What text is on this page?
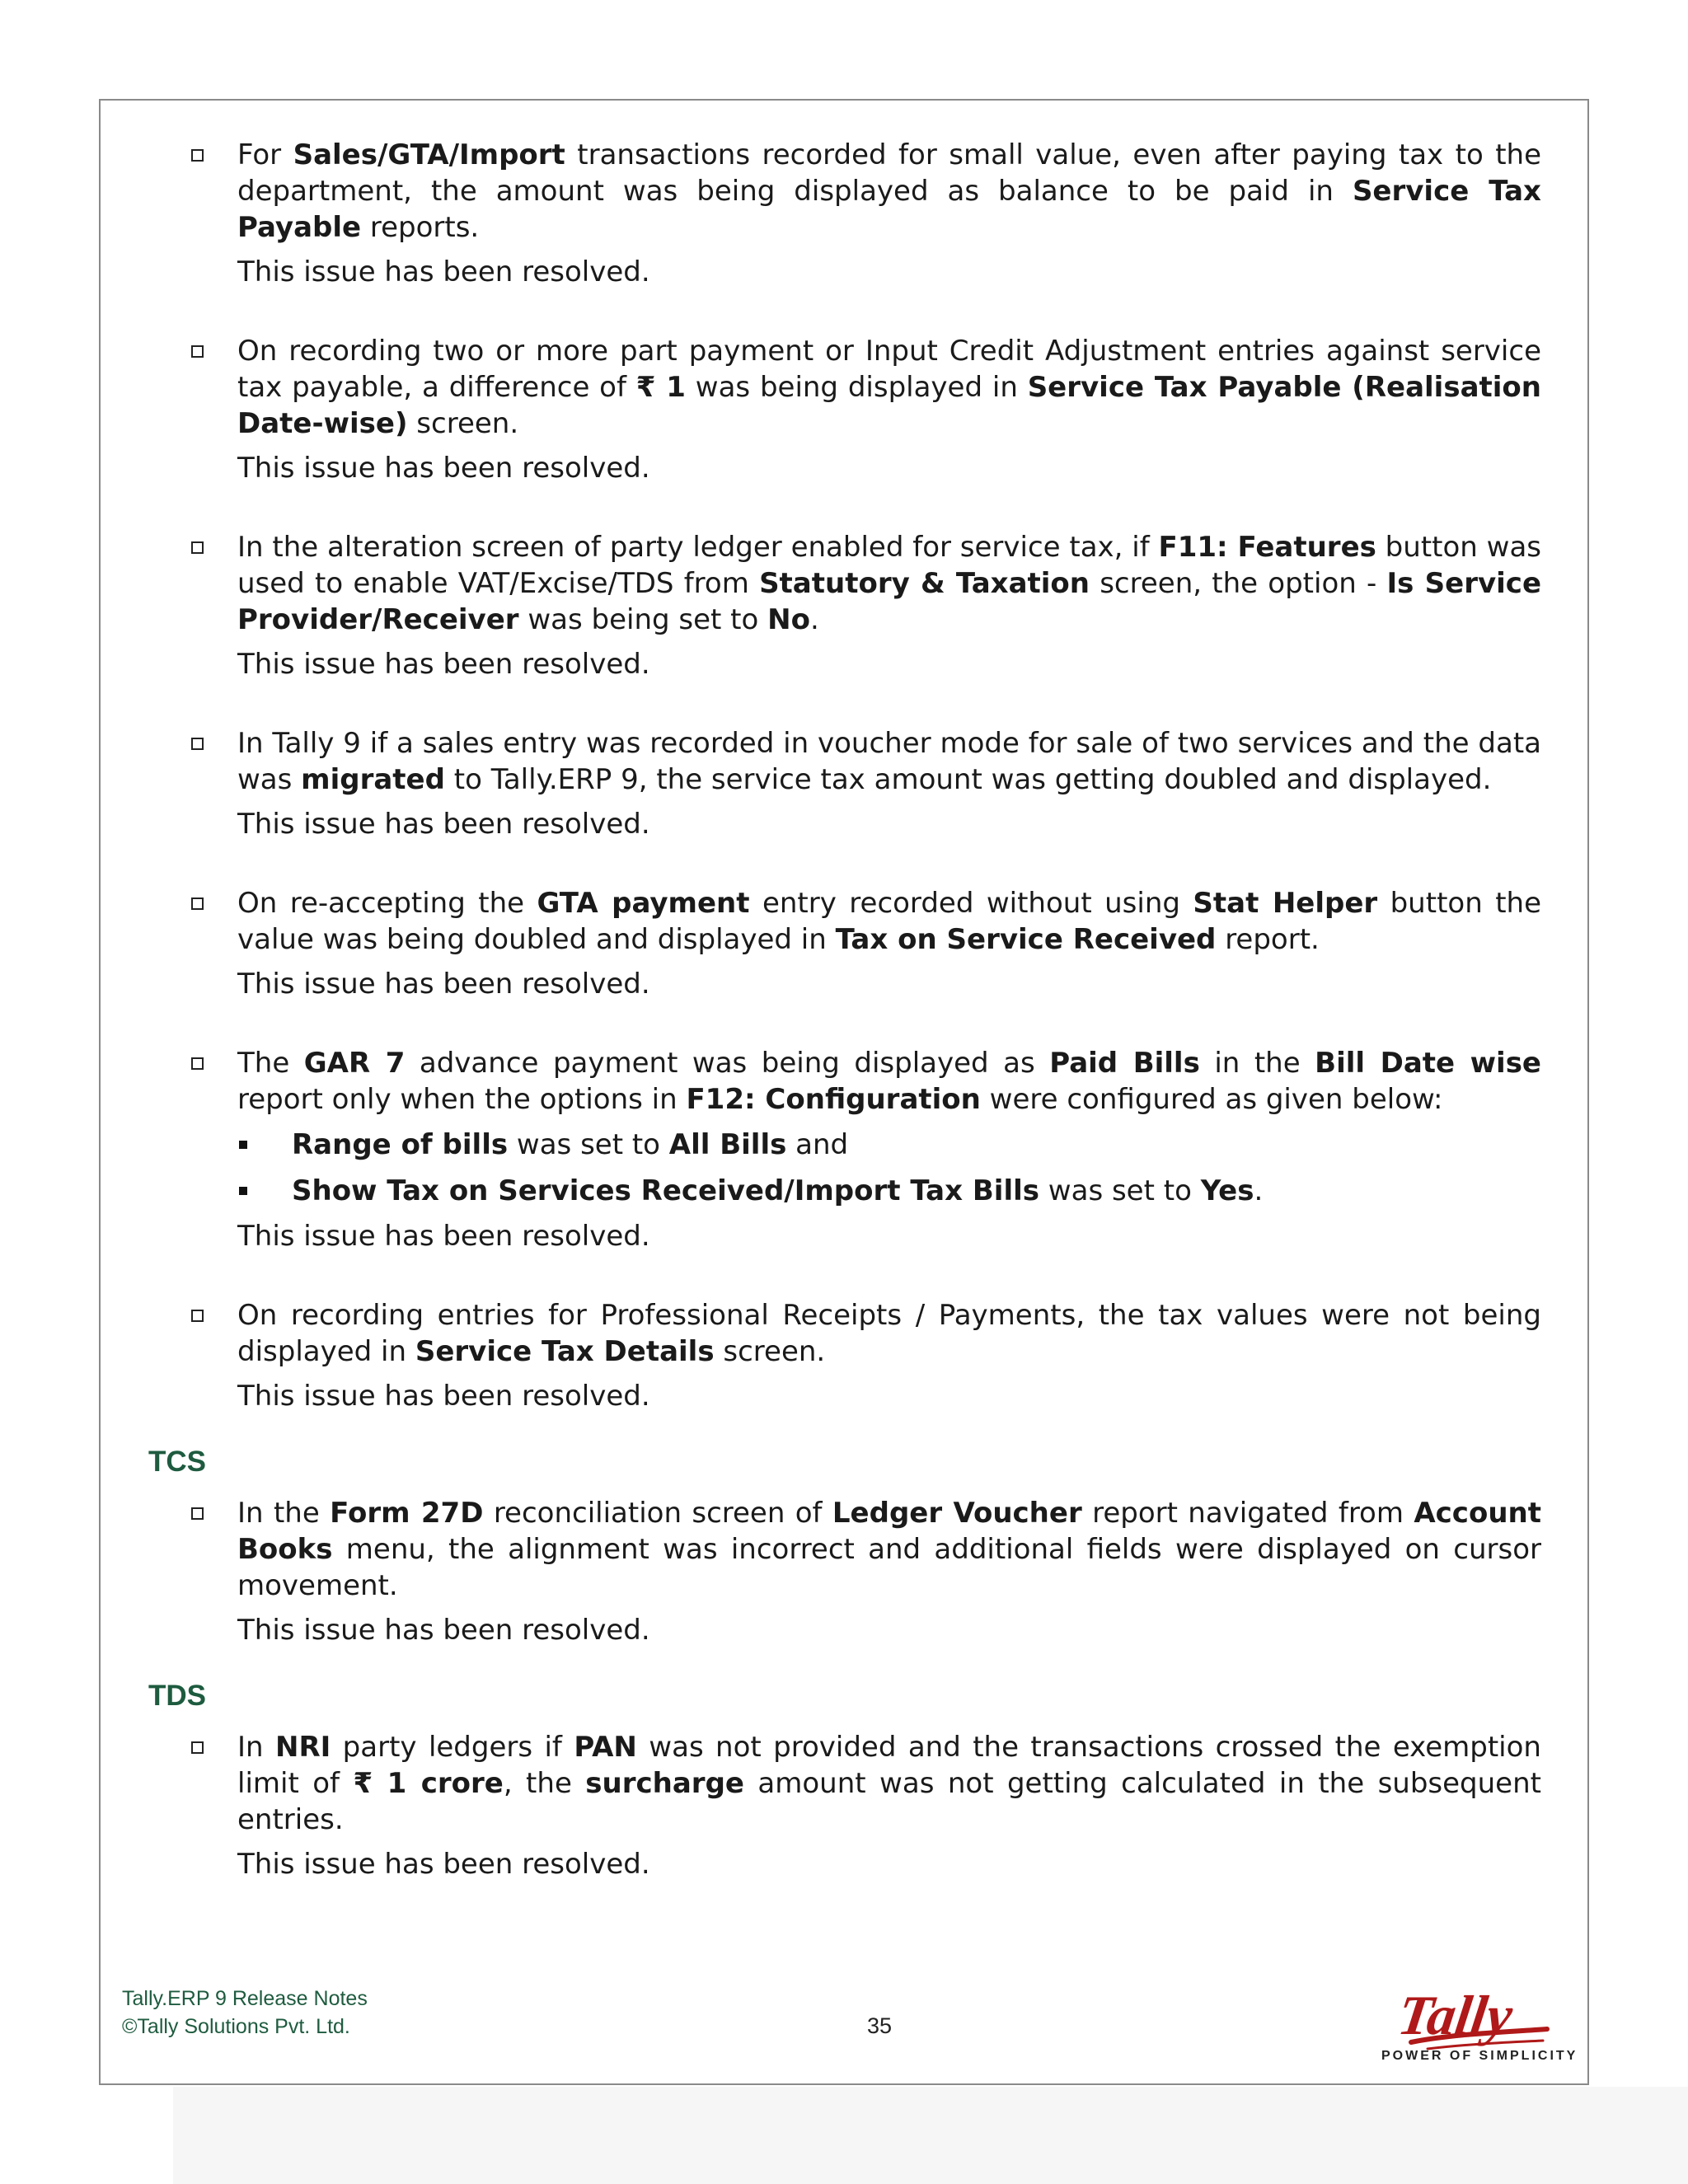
For Sales/GTA/Import transactions recorded for small value, even after paying tax to the department, the amount was being displayed as balance to be paid in Service Tax Payable reports.

This issue has been resolved.

On recording two or more part payment or Input Credit Adjustment entries against service tax payable, a difference of ₹ 1 was being displayed in Service Tax Payable (Realisation Date-wise) screen.

This issue has been resolved.

In the alteration screen of party ledger enabled for service tax, if F11: Features button was used to enable VAT/Excise/TDS from Statutory & Taxation screen, the option - Is Service Provider/Receiver was being set to No.

This issue has been resolved.

In Tally 9 if a sales entry was recorded in voucher mode for sale of two services and the data was migrated to Tally.ERP 9, the service tax amount was getting doubled and displayed.

This issue has been resolved.

On re-accepting the GTA payment entry recorded without using Stat Helper button the value was being doubled and displayed in Tax on Service Received report.

This issue has been resolved.

The GAR 7 advance payment was being displayed as Paid Bills in the Bill Date wise report only when the options in F12: Configuration were configured as given below:

Range of bills was set to All Bills and

Show Tax on Services Received/Import Tax Bills was set to Yes.

This issue has been resolved.

On recording entries for Professional Receipts / Payments, the tax values were not being displayed in Service Tax Details screen.

This issue has been resolved.

TCS

In the Form 27D reconciliation screen of Ledger Voucher report navigated from Account Books menu, the alignment was incorrect and additional fields were displayed on cursor movement.

This issue has been resolved.

TDS

In NRI party ledgers if PAN was not provided and the transactions crossed the exemption limit of ₹ 1 crore, the surcharge amount was not getting calculated in the subsequent entries.

This issue has been resolved.

Tally.ERP 9 Release Notes
©Tally Solutions Pvt. Ltd.	35	Tally
POWER OF SIMPLICITY
